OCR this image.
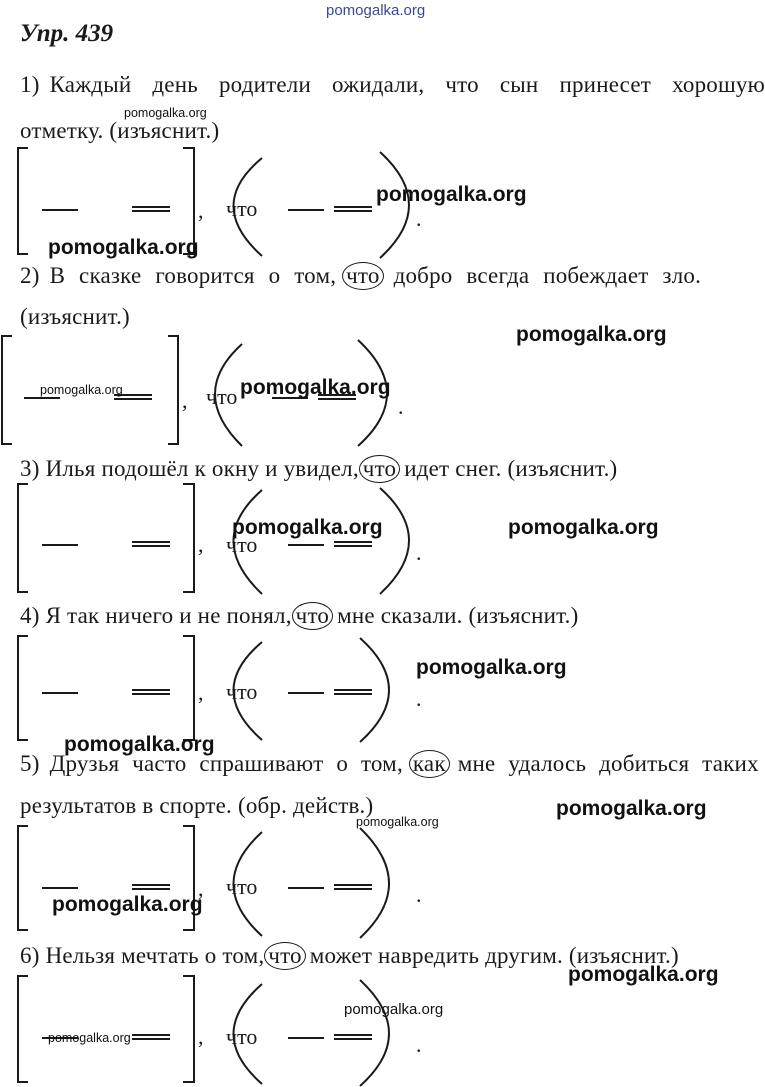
pomogalka.org
Упр. 439
1) Каждый день родители ожидали, что сын принесет хорошую
отметку. (изъяснит.)
2) В сказке говорится о том, что добро всегда побеждает зло.
(изъяснит.)
3) Илья подошёл к окну и увидел, что идет снег. (изъяснит.)
4) Я так ничего и не понял, что мне сказали. (изъяснит.)
5) Друзья часто спрашивают о том, как мне удалось добиться таких
результатов в спорте. (обр. действ.)
6) Нельзя мечтать о том, что может навредить другим. (изъяснит.)
, что	.
, что	.
, что	.
, что	.
, что	.
, что	.
pomogalka.org
pomogalka.org
pomogalka.org
pomogalka.org
pomogalka.org	pomogalka.org
pomogalka.org	pomogalka.org
pomogalka.org
pomogalka.org
pomogalka.org
pomogalka.org
pomogalka.org
pomogalka.org
pomogalka.org
pomogalka.org
